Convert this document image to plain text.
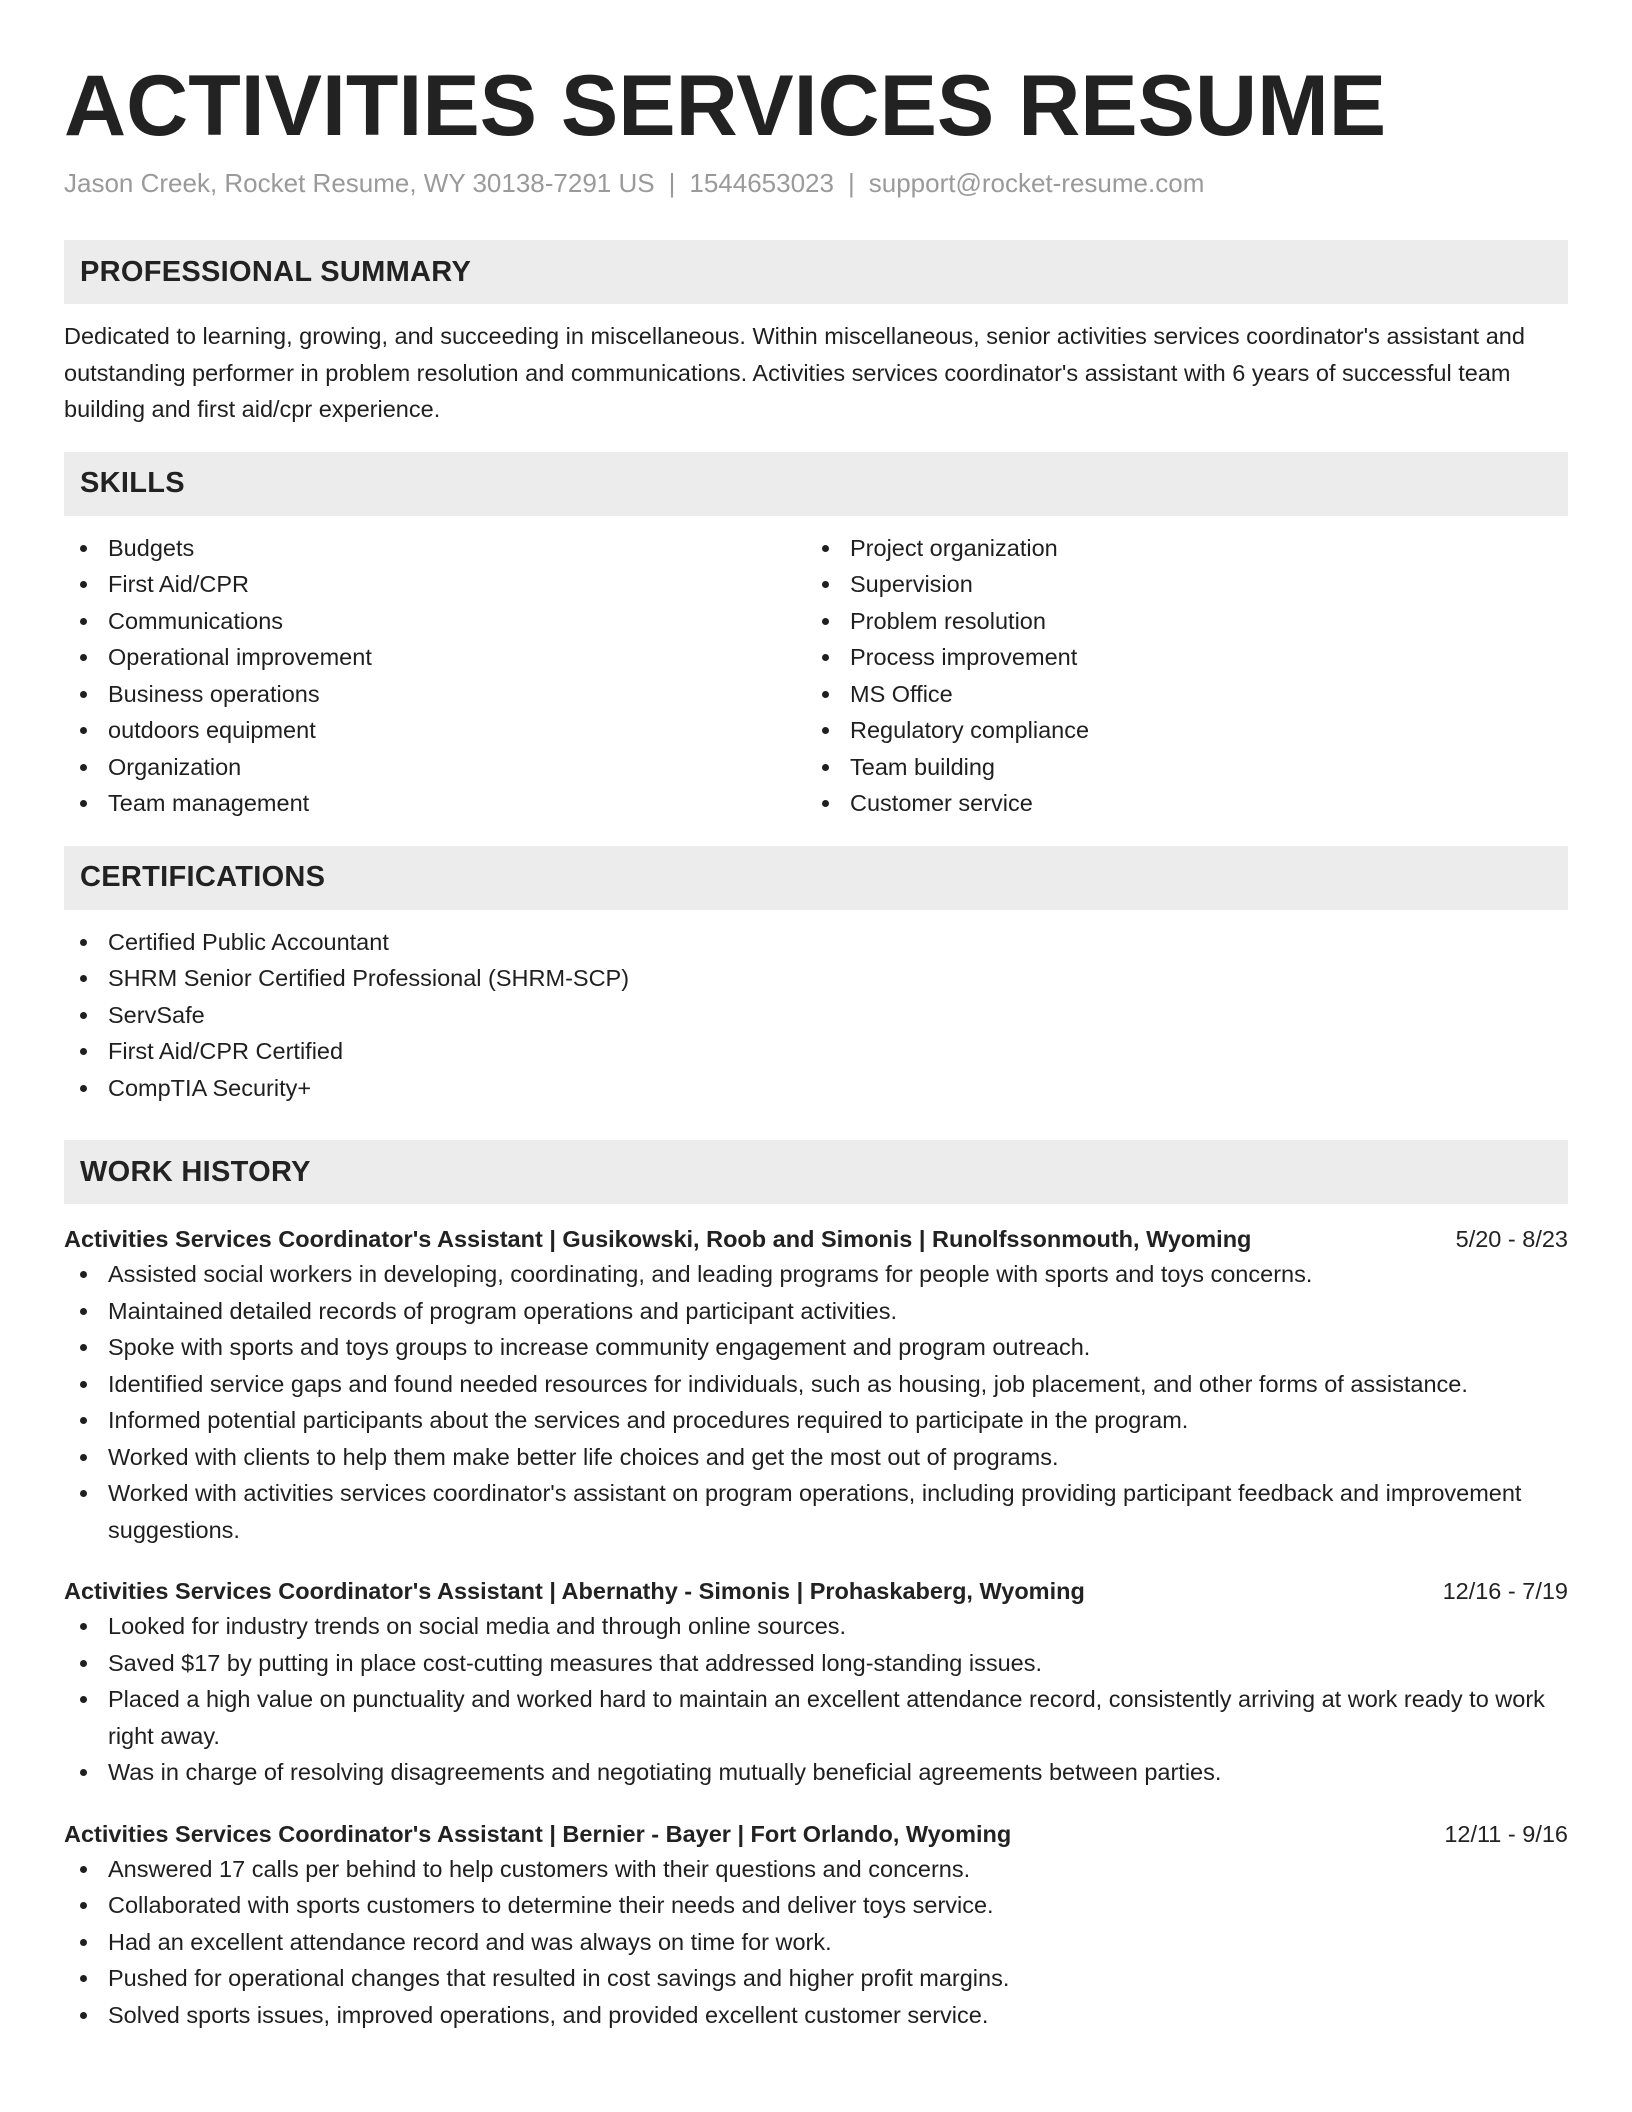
ACTIVITIES SERVICES RESUME
Jason Creek, Rocket Resume, WY 30138-7291 US | 1544653023 | support@rocket-resume.com
PROFESSIONAL SUMMARY

Dedicated to learning, growing, and succeeding in miscellaneous. Within miscellaneous, senior activities services coordinator's assistant and outstanding performer in problem resolution and communications. Activities services coordinator's assistant with 6 years of successful team building and first aid/cpr experience.

SKILLS
Budgets
First Aid/CPR
Communications
Operational improvement
Business operations
outdoors equipment
Organization
Team management
Project organization
Supervision
Problem resolution
Process improvement
MS Office
Regulatory compliance
Team building
Customer service
CERTIFICATIONS
Certified Public Accountant
SHRM Senior Certified Professional (SHRM-SCP)
ServSafe
First Aid/CPR Certified
CompTIA Security+
WORK HISTORY
Activities Services Coordinator's Assistant | Gusikowski, Roob and Simonis | Runolfssonmouth, Wyoming	5/20 - 8/23
Assisted social workers in developing, coordinating, and leading programs for people with sports and toys concerns.
Maintained detailed records of program operations and participant activities.
Spoke with sports and toys groups to increase community engagement and program outreach.
Identified service gaps and found needed resources for individuals, such as housing, job placement, and other forms of assistance.
Informed potential participants about the services and procedures required to participate in the program.
Worked with clients to help them make better life choices and get the most out of programs.
Worked with activities services coordinator's assistant on program operations, including providing participant feedback and improvement suggestions.
Activities Services Coordinator's Assistant | Abernathy - Simonis | Prohaskaberg, Wyoming	12/16 - 7/19
Looked for industry trends on social media and through online sources.
Saved $17 by putting in place cost-cutting measures that addressed long-standing issues.
Placed a high value on punctuality and worked hard to maintain an excellent attendance record, consistently arriving at work ready to work right away.
Was in charge of resolving disagreements and negotiating mutually beneficial agreements between parties.
Activities Services Coordinator's Assistant | Bernier - Bayer | Fort Orlando, Wyoming	12/11 - 9/16
Answered 17 calls per behind to help customers with their questions and concerns.
Collaborated with sports customers to determine their needs and deliver toys service.
Had an excellent attendance record and was always on time for work.
Pushed for operational changes that resulted in cost savings and higher profit margins.
Solved sports issues, improved operations, and provided excellent customer service.
